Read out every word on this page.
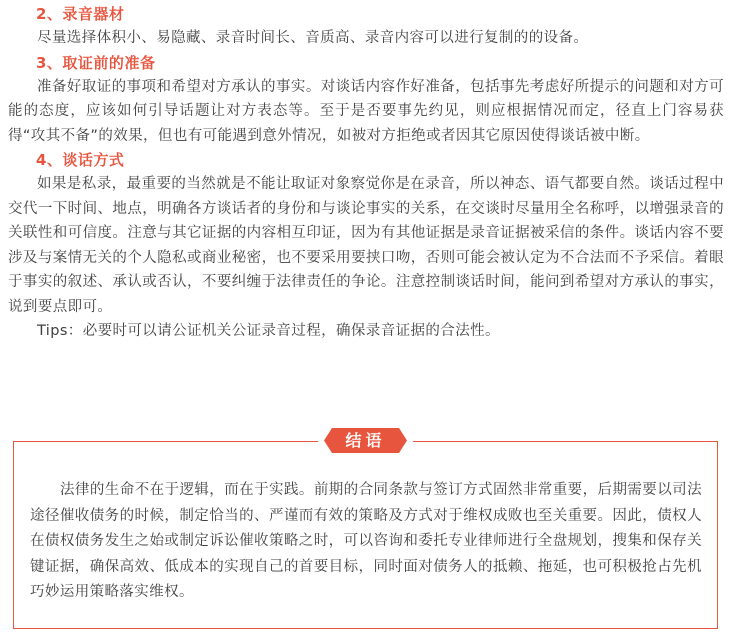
2、录音器材

尽量选择体积小、易隐藏、录音时间长、音质高、录音内容可以进行复制的的设备。

3、取证前的准备

准备好取证的事项和希望对方承认的事实。对谈话内容作好准备，包括事先考虑好所提示的问题和对方可能的态度，应该如何引导话题让对方表态等。至于是否要事先约见，则应根据情况而定，径直上门容易获得“攻其不备”的效果，但也有可能遇到意外情况，如被对方拒绝或者因其它原因使得谈话被中断。

4、谈话方式

如果是私录，最重要的当然就是不能让取证对象察觉你是在录音，所以神态、语气都要自然。谈话过程中交代一下时间、地点，明确各方谈话者的身份和与谈论事实的关系，在交谈时尽量用全名称呼，以增强录音的关联性和可信度。注意与其它证据的内容相互印证，因为有其他证据是录音证据被采信的条件。谈话内容不要涉及与案情无关的个人隐私或商业秘密，也不要采用要挟口吻，否则可能会被认定为不合法而不予采信。着眼于事实的叙述、承认或否认，不要纠缠于法律责任的争论。注意控制谈话时间，能问到希望对方承认的事实，说到要点即可。

Tips：必要时可以请公证机关公证录音过程，确保录音证据的合法性。

结语

法律的生命不在于逻辑，而在于实践。前期的合同条款与签订方式固然非常重要，后期需要以司法途径催收债务的时候，制定恰当的、严谨而有效的策略及方式对于维权成败也至关重要。因此，债权人在债权债务发生之始或制定诉讼催收策略之时，可以咨询和委托专业律师进行全盘规划，搜集和保存关键证据，确保高效、低成本的实现自己的首要目标，同时面对债务人的抵赖、拖延，也可积极抢占先机巧妙运用策略落实维权。
